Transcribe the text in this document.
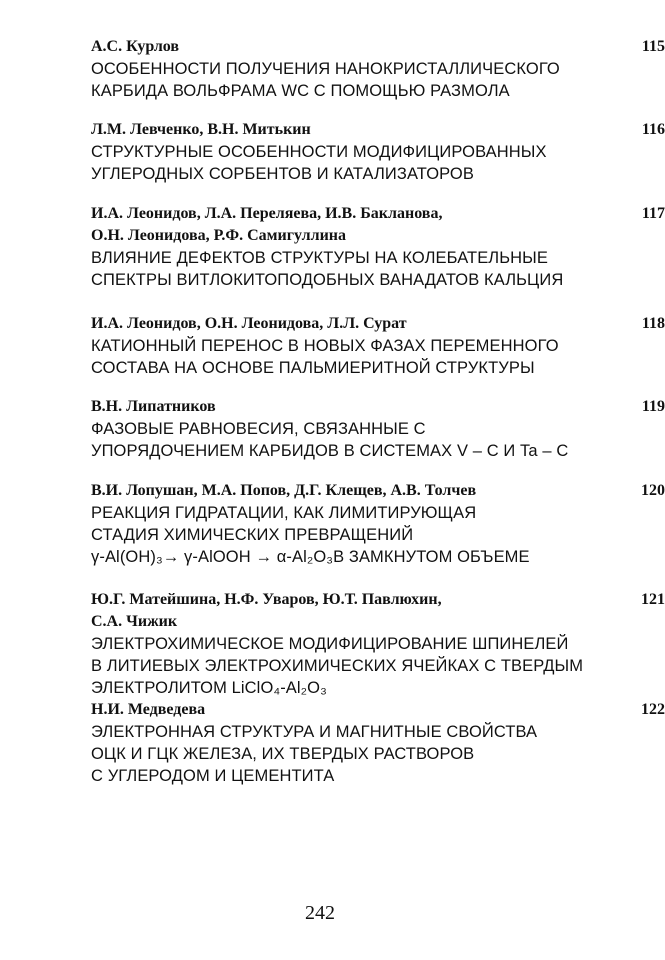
115
А.С. Курлов
ОСОБЕННОСТИ ПОЛУЧЕНИЯ НАНОКРИСТАЛЛИЧЕСКОГО
КАРБИДА ВОЛЬФРАМА WC С ПОМОЩЬЮ РАЗМОЛА
116
Л.М. Левченко, В.Н. Митькин
СТРУКТУРНЫЕ ОСОБЕННОСТИ МОДИФИЦИРОВАННЫХ
УГЛЕРОДНЫХ СОРБЕНТОВ И КАТАЛИЗАТОРОВ
117
И.А. Леонидов, Л.А. Переляева, И.В. Бакланова,
О.Н. Леонидова, Р.Ф. Самигуллина
ВЛИЯНИЕ ДЕФЕКТОВ СТРУКТУРЫ НА КОЛЕБАТЕЛЬНЫЕ
СПЕКТРЫ ВИТЛОКИТОПОДОБНЫХ ВАНАДАТОВ КАЛЬЦИЯ
118
И.А. Леонидов, О.Н. Леонидова, Л.Л. Сурат
КАТИОННЫЙ ПЕРЕНОС В НОВЫХ ФАЗАХ ПЕРЕМЕННОГО
СОСТАВА НА ОСНОВЕ ПАЛЬМИЕРИТНОЙ СТРУКТУРЫ
119
В.Н. Липатников
ФАЗОВЫЕ РАВНОВЕСИЯ, СВЯЗАННЫЕ С
УПОРЯДОЧЕНИЕМ КАРБИДОВ В СИСТЕМАХ V – C И Ta – C
120
В.И. Лопушан, М.А. Попов, Д.Г. Клещев, А.В. Толчев
РЕАКЦИЯ ГИДРАТАЦИИ, КАК ЛИМИТИРУЮЩАЯ
СТАДИЯ ХИМИЧЕСКИХ ПРЕВРАЩЕНИЙ
γ-Al(OH)₃→ γ-AlOOH → α-Al₂O₃В ЗАМКНУТОМ ОБЪЕМЕ
121
Ю.Г. Матейшина, Н.Ф. Уваров, Ю.Т. Павлюхин,
С.А. Чижик
ЭЛЕКТРОХИМИЧЕСКОЕ МОДИФИЦИРОВАНИЕ ШПИНЕЛЕЙ
В ЛИТИЕВЫХ ЭЛЕКТРОХИМИЧЕСКИХ ЯЧЕЙКАХ С ТВЕРДЫМ
ЭЛЕКТРОЛИТОМ LiClO₄-Al₂O₃
122
Н.И. Медведева
ЭЛЕКТРОННАЯ СТРУКТУРА И МАГНИТНЫЕ СВОЙСТВА
ОЦК И ГЦК ЖЕЛЕЗА, ИХ ТВЕРДЫХ РАСТВОРОВ
С УГЛЕРОДОМ И ЦЕМЕНТИТА
242
